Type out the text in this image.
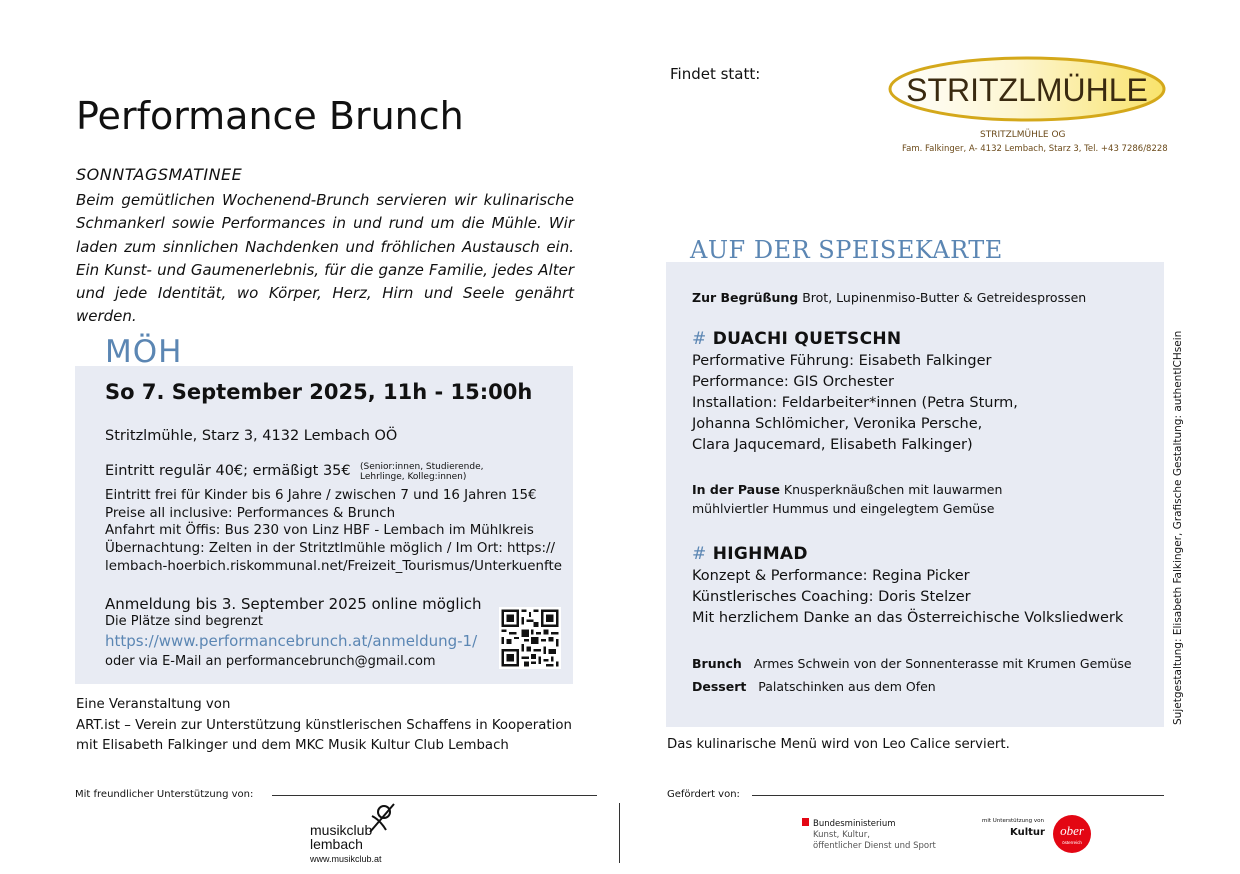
Performance Brunch
SONNTAGSMATINEE
Beim gemütlichen Wochenend-Brunch servieren wir kulinarische Schmankerl sowie Performances in und rund um die Mühle. Wir laden zum sinnlichen Nachdenken und fröhlichen Austausch ein. Ein Kunst- und Gaumenerlebnis, für die ganze Familie, jedes Alter und jede Identität, wo Körper, Herz, Hirn und Seele genährt werden.
MÖH
So 7. September 2025, 11h - 15:00h
Stritzlmühle, Starz 3, 4132 Lembach OÖ
Eintritt regulär 40€; ermäßigt 35€ (Senior:innen, Studierende, Lehrlinge, Kolleg:innen)
Eintritt frei für Kinder bis 6 Jahre / zwischen 7 und 16 Jahren 15€
Preise all inclusive: Performances & Brunch
Anfahrt mit Öffis: Bus 230 von Linz HBF - Lembach im Mühlkreis
Übernachtung: Zelten in der Stritztlmühle möglich / Im Ort: https://
lembach-hoerbich.riskommunal.net/Freizeit_Tourismus/Unterkuenfte
Anmeldung bis 3. September 2025 online möglich
Die Plätze sind begrenzt
https://www.performancebrunch.at/anmeldung-1/
oder via E-Mail an performancebrunch@gmail.com
Eine Veranstaltung von
ART.ist – Verein zur Unterstützung künstlerischen Schaffens in Kooperation
mit Elisabeth Falkinger und dem MKC Musik Kultur Club Lembach
Findet statt:	STRITZLMÜHLE
STRITZLMÜHLE OG
Fam. Falkinger, A- 4132 Lembach, Starz 3, Tel. +43 7286/8228
AUF DER SPEISEKARTE
Zur Begrüßung Brot, Lupinenmiso-Butter & Getreidesprossen
# DUACHI QUETSCHN
Performative Führung: Eisabeth Falkinger
Performance: GIS Orchester
Installation: Feldarbeiter*innen (Petra Sturm,
Johanna Schlömicher, Veronika Persche,
Clara Jaqucemard, Elisabeth Falkinger)
In der Pause Knusperknäußchen mit lauwarmen
mühlviertler Hummus und eingelegtem Gemüse
# HIGHMAD
Konzept & Performance: Regina Picker
Künstlerisches Coaching: Doris Stelzer
Mit herzlichem Danke an das Österreichische Volksliedwerk
Brunch Armes Schwein von der Sonnenterasse mit Krumen Gemüse
Dessert Palatschinken aus dem Ofen
Das kulinarische Menü wird von Leo Calice serviert.
Sujetgestaltung: Elisabeth Falkinger, Grafische Gestaltung: authentICHsein
Mit freundlicher Unterstützung von:	Gefördert von:
musikclub
lembach
www.musikclub.at
Bundesministerium
Kunst, Kultur,
öffentlicher Dienst und Sport
mit Unterstützung von
Kultur ober
österreich
